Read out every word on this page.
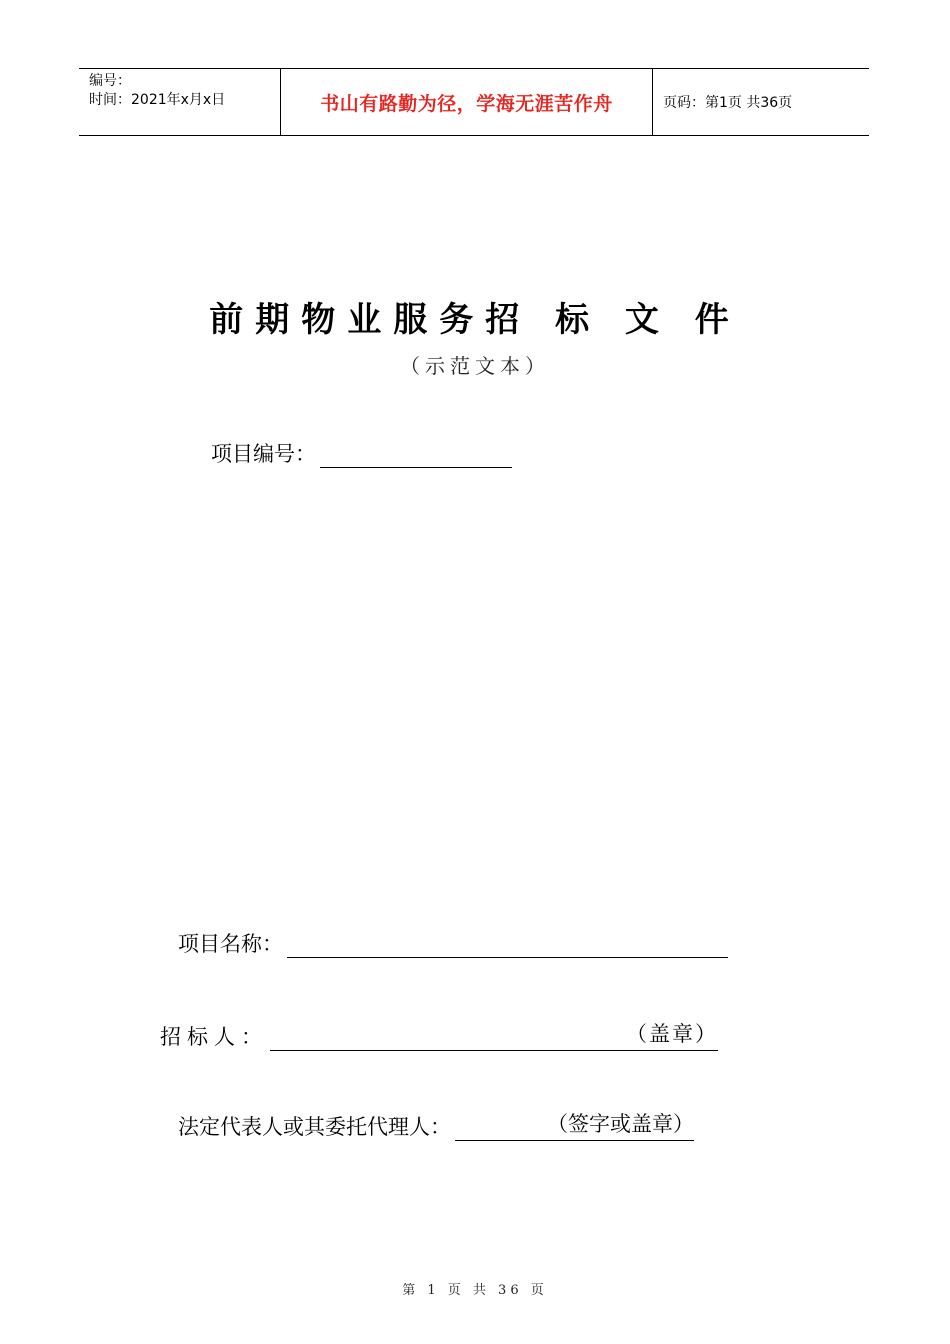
编号：
时间：2021年x月x日	书山有路勤为径，学海无涯苦作舟	页码：第1页 共36页
前期物业服务招 标 文 件
（示范文本）
项目编号：
项目名称：
招标人：	（盖章）
法定代表人或其委托代理人：	（签字或盖章）
第 1 页 共 36 页
